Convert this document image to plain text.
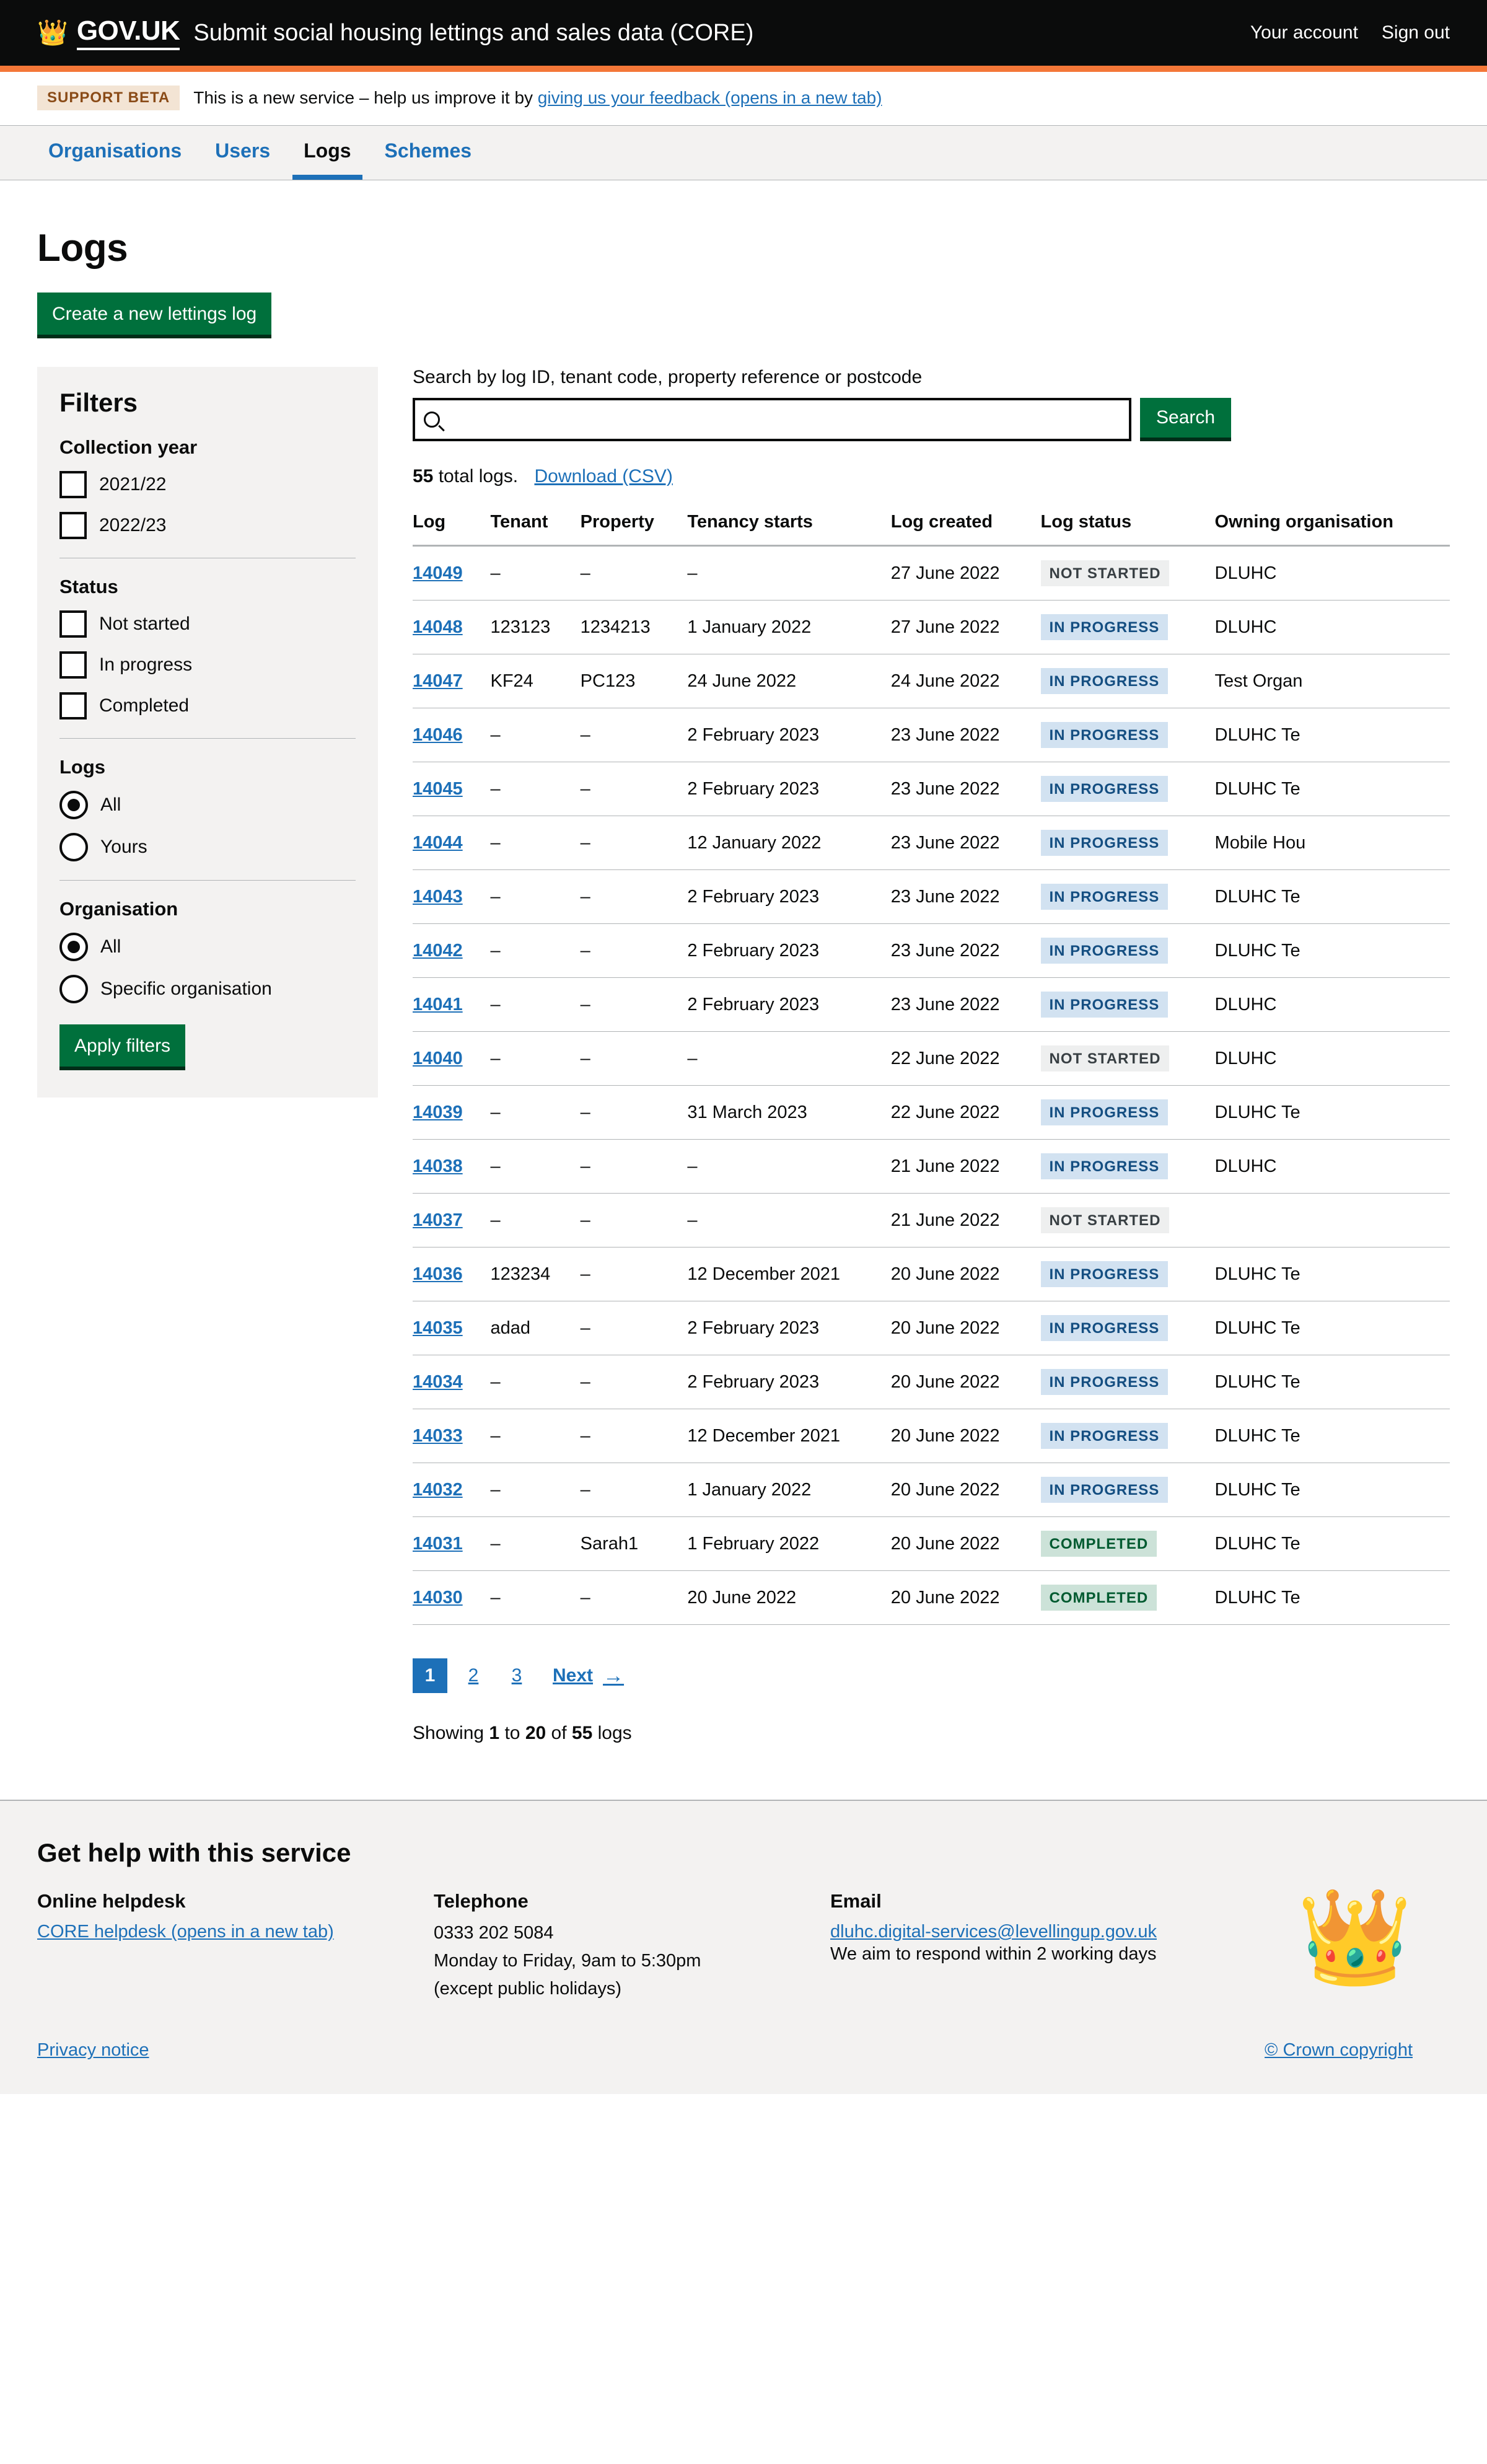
👑 GOV.UK Submit social housing lettings and sales data (CORE)	Your account Sign out
SUPPORT BETA	This is a new service – help us improve it by giving us your feedback (opens in a new tab)
Organisations	Users	Logs	Schemes
Logs
Create a new lettings log
Filters
Collection year
2021/22
2022/23
Status
Not started
In progress
Completed
Logs
All
Yours
Organisation
All
Specific organisation
Apply filters
Search by log ID, tenant code, property reference or postcode
Search
55 total logs. Download (CSV)
Log	Tenant	Property	Tenancy starts	Log created	Log status	Owning organisation
14049	–	–	–	27 June 2022	NOT STARTED	DLUHC
14048	123123	1234213	1 January 2022	27 June 2022	IN PROGRESS	DLUHC
14047	KF24	PC123	24 June 2022	24 June 2022	IN PROGRESS	Test Organ
14046	–	–	2 February 2023	23 June 2022	IN PROGRESS	DLUHC Te
14045	–	–	2 February 2023	23 June 2022	IN PROGRESS	DLUHC Te
14044	–	–	12 January 2022	23 June 2022	IN PROGRESS	Mobile Hou
14043	–	–	2 February 2023	23 June 2022	IN PROGRESS	DLUHC Te
14042	–	–	2 February 2023	23 June 2022	IN PROGRESS	DLUHC Te
14041	–	–	2 February 2023	23 June 2022	IN PROGRESS	DLUHC
14040	–	–	–	22 June 2022	NOT STARTED	DLUHC
14039	–	–	31 March 2023	22 June 2022	IN PROGRESS	DLUHC Te
14038	–	–	–	21 June 2022	IN PROGRESS	DLUHC
14037	–	–	–	21 June 2022	NOT STARTED	
14036	123234	–	12 December 2021	20 June 2022	IN PROGRESS	DLUHC Te
14035	adad	–	2 February 2023	20 June 2022	IN PROGRESS	DLUHC Te
14034	–	–	2 February 2023	20 June 2022	IN PROGRESS	DLUHC Te
14033	–	–	12 December 2021	20 June 2022	IN PROGRESS	DLUHC Te
14032	–	–	1 January 2022	20 June 2022	IN PROGRESS	DLUHC Te
14031	–	Sarah1	1 February 2022	20 June 2022	COMPLETED	DLUHC Te
14030	–	–	20 June 2022	20 June 2022	COMPLETED	DLUHC Te
1	2	3	Next →
Showing 1 to 20 of 55 logs
Get help with this service
Online helpdesk
CORE helpdesk (opens in a new tab)
Telephone

0333 202 5084

Monday to Friday, 9am to 5:30pm

(except public holidays)

Email
dluhc.digital-services@levellingup.gov.uk

We aim to respond within 2 working days	👑
Privacy notice	© Crown copyright
